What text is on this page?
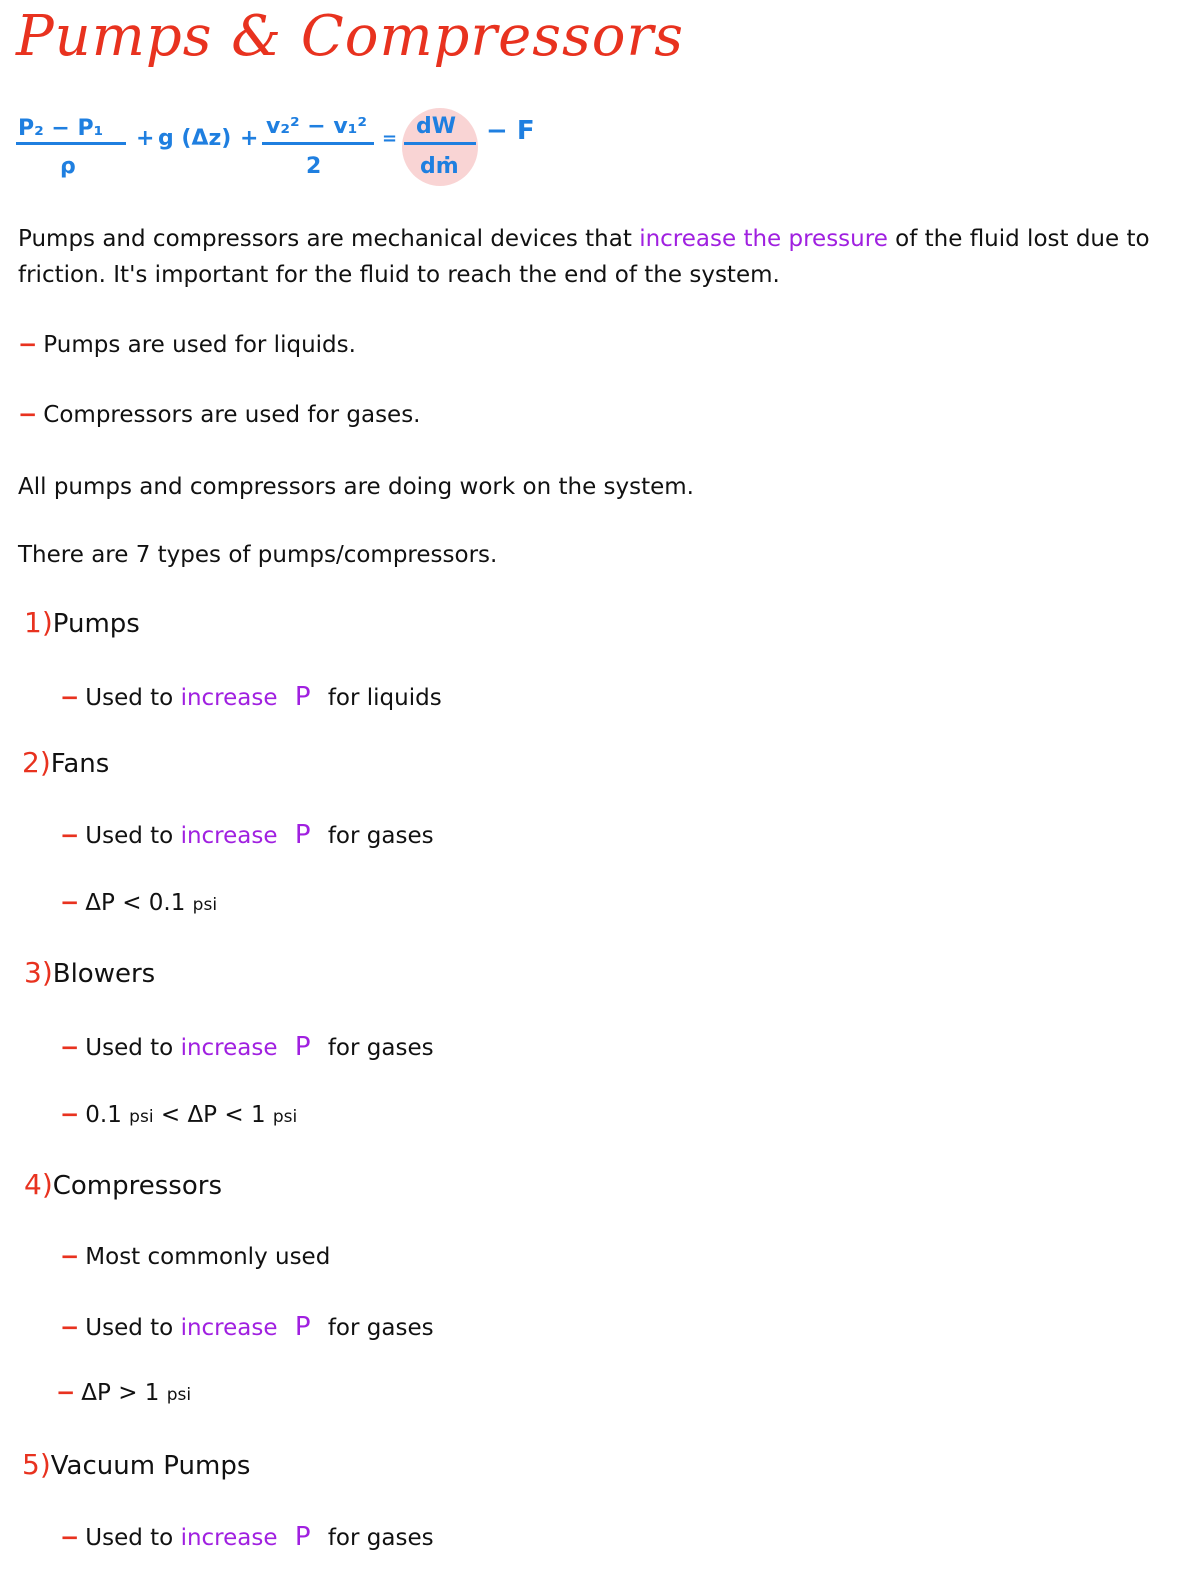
Pumps & Compressors
P₂ − P₁
ρ
+ g (Δz) + v₂² − v₁²
2
= dW
dṁ
− F
Pumps and compressors are mechanical devices that increase the pressure of the fluid lost due to
friction. It's important for the fluid to reach the end of the system.
− Pumps are used for liquids.
− Compressors are used for gases.
All pumps and compressors are doing work on the system.
There are 7 types of pumps/compressors.
1)Pumps
− Used to increase P for liquids
2)Fans
− Used to increase P for gases
− ΔP < 0.1 psi
3)Blowers
− Used to increase P for gases
− 0.1 psi < ΔP < 1 psi
4)Compressors
− Most commonly used
− Used to increase P for gases
− ΔP > 1 psi
5)Vacuum Pumps
− Used to increase P for gases
